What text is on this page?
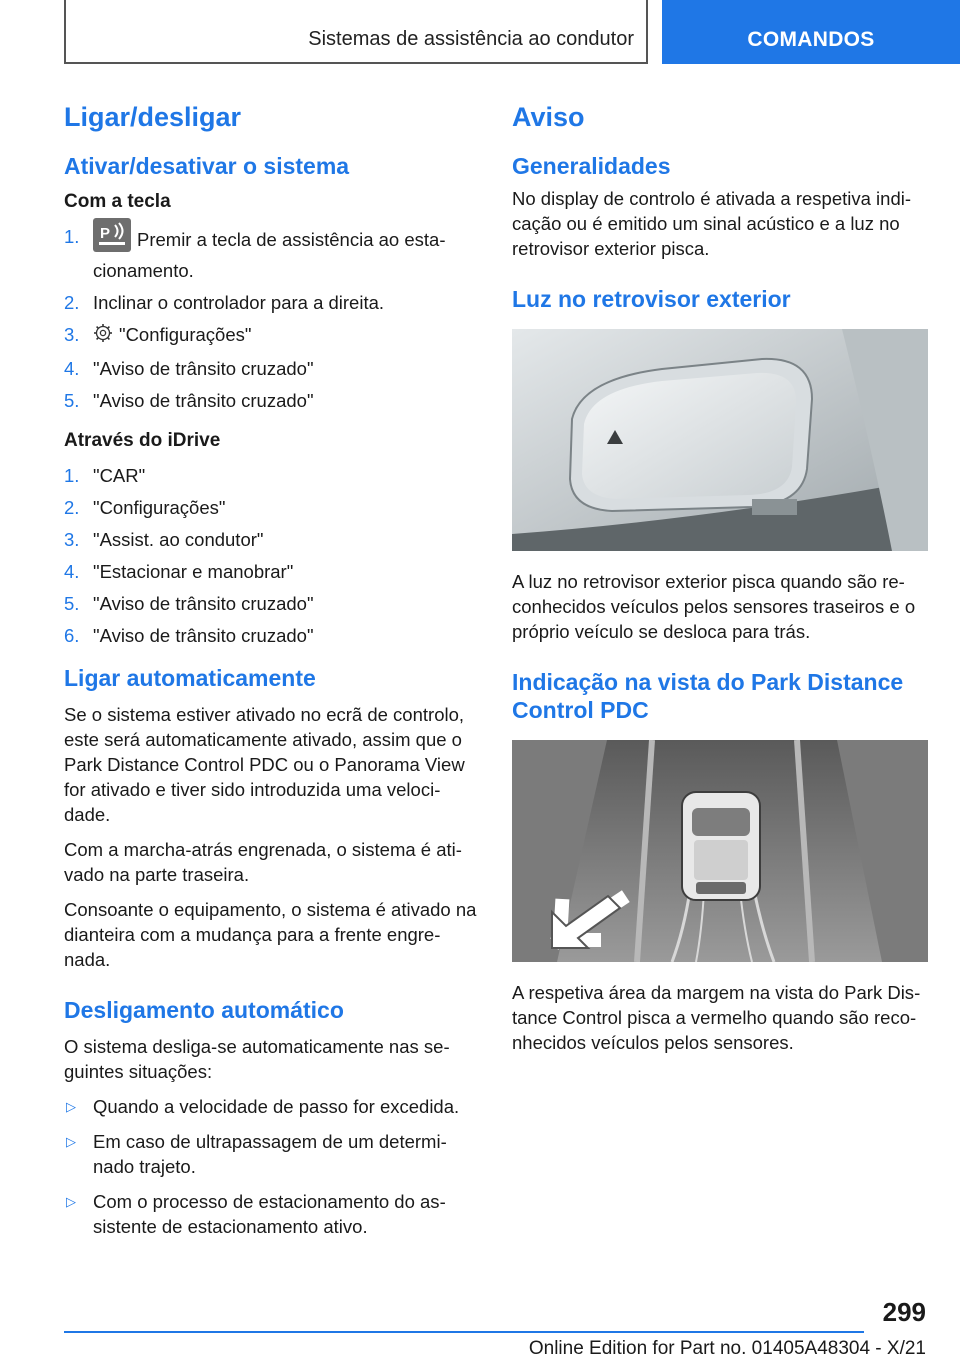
Sistemas de assistência ao condutor	COMANDOS
Ligar/desligar
Ativar/desativar o sistema
Com a tecla
1. P Premir a tecla de assistência ao estacionamento.
2. Inclinar o controlador para a direita.
3. "Configurações"
4. "Aviso de trânsito cruzado"
5. "Aviso de trânsito cruzado"
Através do iDrive
1. "CAR"
2. "Configurações"
3. "Assist. ao condutor"
4. "Estacionar e manobrar"
5. "Aviso de trânsito cruzado"
6. "Aviso de trânsito cruzado"
Ligar automaticamente

Se o sistema estiver ativado no ecrã de controlo, este será automaticamente ativado, assim que o Park Distance Control PDC ou o Panorama View for ativado e tiver sido introduzida uma velocidade.

Com a marcha-atrás engrenada, o sistema é ativado na parte traseira.

Consoante o equipamento, o sistema é ativado na dianteira com a mudança para a frente engrenada.

Desligamento automático

O sistema desliga-se automaticamente nas seguintes situações:

▷ Quando a velocidade de passo for excedida.
▷ Em caso de ultrapassagem de um determinado trajeto.
▷ Com o processo de estacionamento do assistente de estacionamento ativo.
Aviso
Generalidades

No display de controlo é ativada a respetiva indicação ou é emitido um sinal acústico e a luz no retrovisor exterior pisca.

Luz no retrovisor exterior

A luz no retrovisor exterior pisca quando são reconhecidos veículos pelos sensores traseiros e o próprio veículo se desloca para trás.

Indicação na vista do Park Distance Control PDC

A respetiva área da margem na vista do Park Distance Control pisca a vermelho quando são reconhecidos veículos pelos sensores.

299
Online Edition for Part no. 01405A48304 - X/21
